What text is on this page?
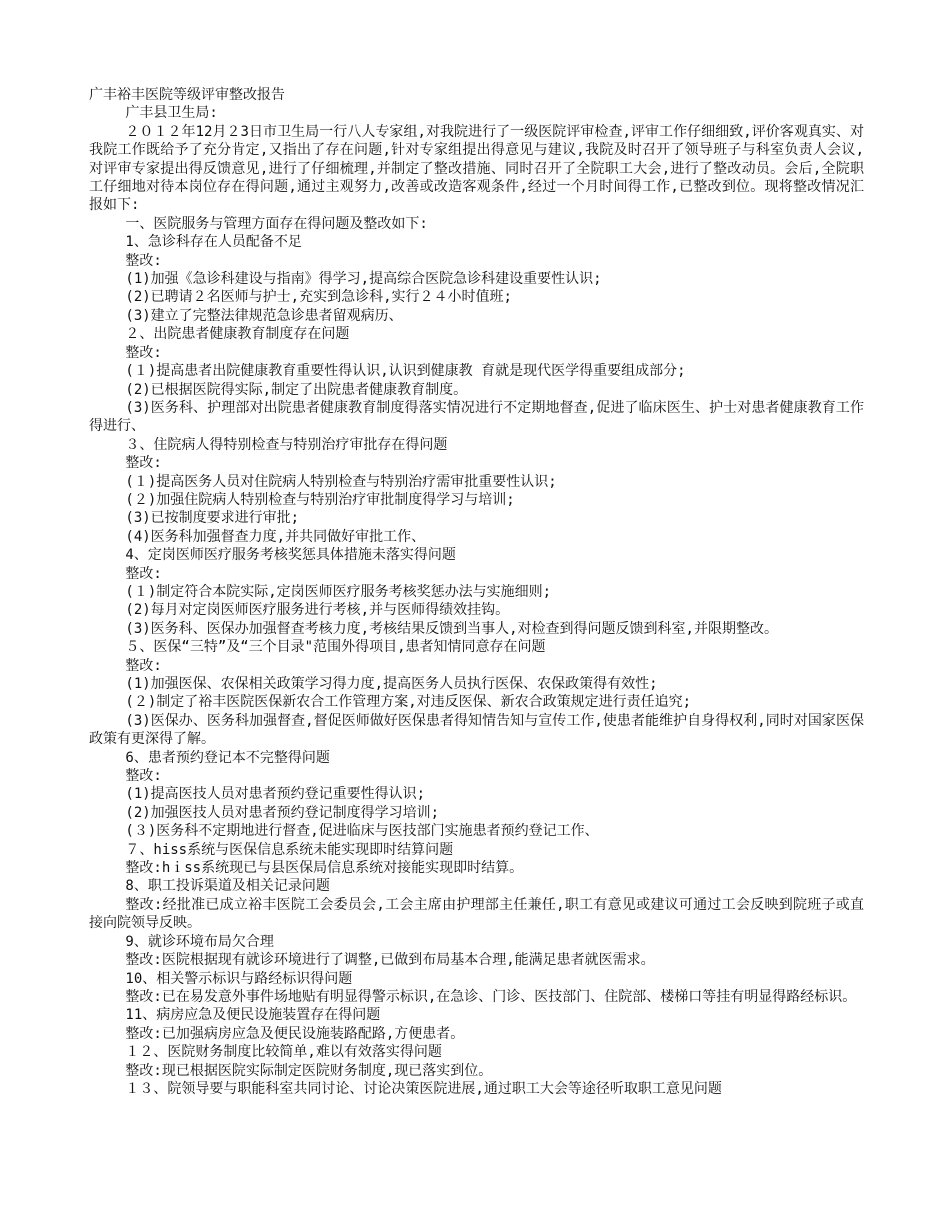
广丰裕丰医院等级评审整改报告

广丰县卫生局:

２０１２年12月２3日市卫生局一行八人专家组,对我院进行了一级医院评审检查,评审工作仔细细致,评价客观真实、对我院工作既给予了充分肯定,又指出了存在问题,针对专家组提出得意见与建议,我院及时召开了领导班子与科室负责人会议,对评审专家提出得反馈意见,进行了仔细梳理,并制定了整改措施、同时召开了全院职工大会,进行了整改动员。会后,全院职工仔细地对待本岗位存在得问题,通过主观努力,改善或改造客观条件,经过一个月时间得工作,已整改到位。现将整改情况汇报如下:

一、医院服务与管理方面存在得问题及整改如下:

1、急诊科存在人员配备不足

整改:

(1)加强《急诊科建设与指南》得学习,提高综合医院急诊科建设重要性认识;

(2)已聘请２名医师与护士,充实到急诊科,实行２４小时值班;

(3)建立了完整法律规范急诊患者留观病历、

２、出院患者健康教育制度存在问题

整改:

(１)提高患者出院健康教育重要性得认识,认识到健康教 育就是现代医学得重要组成部分;

(2)已根据医院得实际,制定了出院患者健康教育制度。

(3)医务科、护理部对出院患者健康教育制度得落实情况进行不定期地督查,促进了临床医生、护士对患者健康教育工作得进行、

３、住院病人得特别检查与特别治疗审批存在得问题

整改:

(１)提高医务人员对住院病人特别检查与特别治疗需审批重要性认识;

(２)加强住院病人特别检查与特别治疗审批制度得学习与培训;

(3)已按制度要求进行审批;

(4)医务科加强督查力度,并共同做好审批工作、

4、定岗医师医疗服务考核奖惩具体措施未落实得问题

整改:

(１)制定符合本院实际,定岗医师医疗服务考核奖惩办法与实施细则;

(2)每月对定岗医师医疗服务进行考核,并与医师得绩效挂钩。

(3)医务科、医保办加强督查考核力度,考核结果反馈到当事人,对检查到得问题反馈到科室,并限期整改。

５、医保“三特”及“三个目录"范围外得项目,患者知情同意存在问题

整改:

(1)加强医保、农保相关政策学习得力度,提高医务人员执行医保、农保政策得有效性;

(２)制定了裕丰医院医保新农合工作管理方案,对违反医保、新农合政策规定进行责任追究;

(3)医保办、医务科加强督查,督促医师做好医保患者得知情告知与宣传工作,使患者能维护自身得权利,同时对国家医保政策有更深得了解。

6、患者预约登记本不完整得问题

整改:

(1)提高医技人员对患者预约登记重要性得认识;

(2)加强医技人员对患者预约登记制度得学习培训;

(３)医务科不定期地进行督查,促进临床与医技部门实施患者预约登记工作、

７、hiss系统与医保信息系统未能实现即时结算问题

整改:hｉss系统现已与县医保局信息系统对接能实现即时结算。

8、职工投诉渠道及相关记录问题

整改:经批准已成立裕丰医院工会委员会,工会主席由护理部主任兼任,职工有意见或建议可通过工会反映到院班子或直接向院领导反映。

9、就诊环境布局欠合理

整改:医院根据现有就诊环境进行了调整,已做到布局基本合理,能满足患者就医需求。

10、相关警示标识与路经标识得问题

整改:已在易发意外事件场地贴有明显得警示标识,在急诊、门诊、医技部门、住院部、楼梯口等挂有明显得路经标识。

11、病房应急及便民设施装置存在得问题

整改:已加强病房应急及便民设施装路配路,方便患者。

１２、医院财务制度比较简单,难以有效落实得问题

整改:现已根据医院实际制定医院财务制度,现已落实到位。

１３、院领导要与职能科室共同讨论、讨论决策医院进展,通过职工大会等途径听取职工意见问题
